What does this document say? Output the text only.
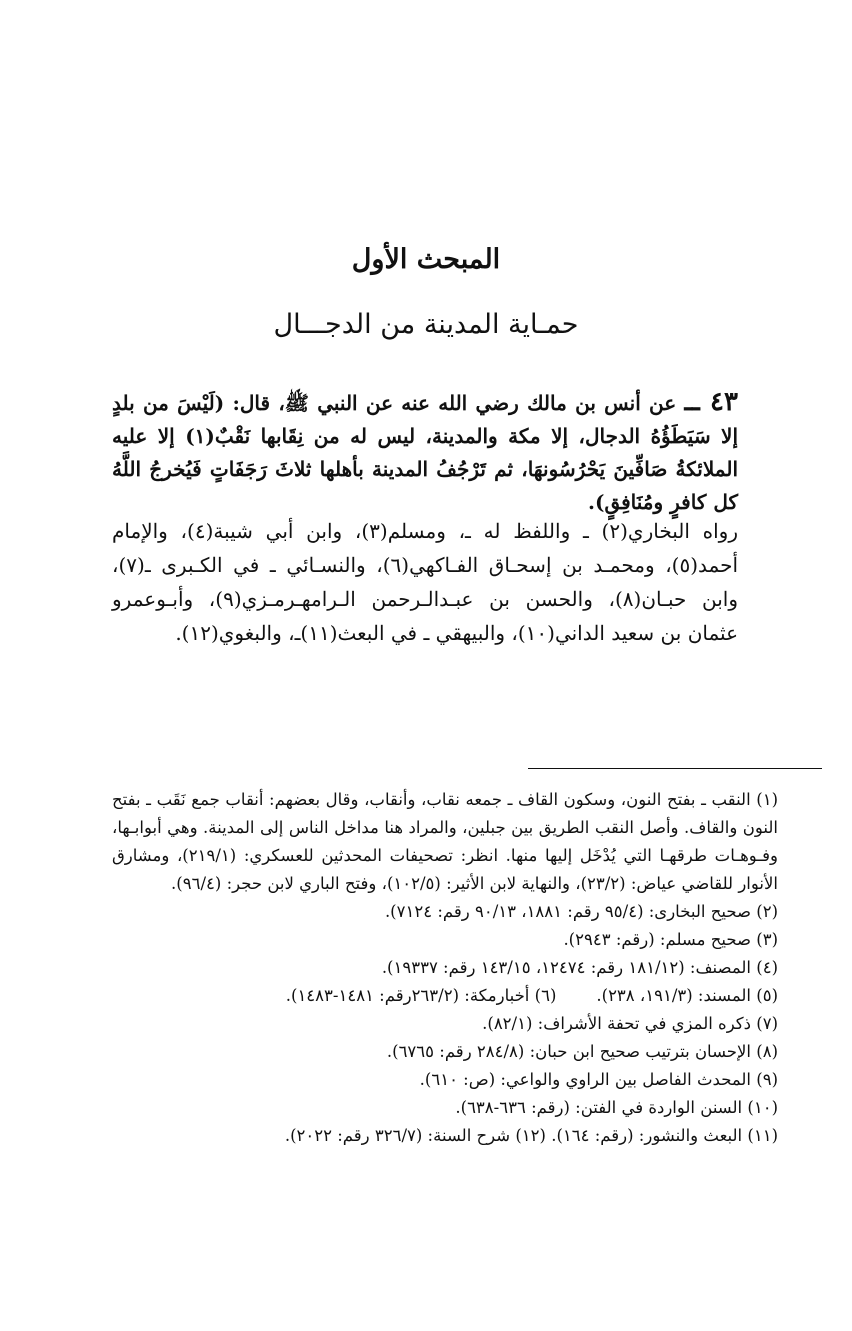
المبحث الأول
حمـاية المدينة من الدجـــال
٤٣ ــ عن أنس بن مالك رضي الله عنه عن النبي ﷺ، قال: (لَيْسَ من بلدٍ إلا سَيَطَؤُهُ الدجال، إلا مكة والمدينة، ليس له من نِقَابها نَقْبٌ(١) إلا عليه الملائكةُ صَافِّينَ يَحْرُسُونهَا، ثم تَرْجُفُ المدينة بأهلها ثلاثَ رَجَفَاتٍ فَيُخرجُ اللَّهُ كل كافرٍ ومُنَافِقٍ).
رواه البخاري(٢) ـ واللفظ له ـ، ومسلم(٣)، وابن أبي شيبة(٤)، والإمام أحمد(٥)، ومحمـد بن إسحـاق الفـاكهي(٦)، والنسـائي ـ في الكـبرى ـ(٧)، وابن حبـان(٨)، والحسن بن عبـدالـرحمن الـرامهـرمـزي(٩)، وأبـوعمرو عثمان بن سعيد الداني(١٠)، والبيهقي ـ في البعث(١١)ـ، والبغوي(١٢).

(١) النقب ـ بفتح النون، وسكون القاف ـ جمعه نقاب، وأنقاب، وقال بعضهم: أنقاب جمع نَقَب ـ بفتح النون والقاف. وأصل النقب الطريق بين جبلين، والمراد هنا مداخل الناس إلى المدينة. وهي أبوابـها، وفـوهـات طرقهـا التي يُدْخَل إليها منها. انظر: تصحيفات المحدثين للعسكري: (٢١٩/١)، ومشارق الأنوار للقاضي عياض: (٢٣/٢)، والنهاية لابن الأثير: (١٠٢/٥)، وفتح الباري لابن حجر: (٩٦/٤).

(٢) صحيح البخارى: (٩٥/٤ رقم: ١٨٨١، ٩٠/١٣ رقم: ٧١٢٤).

(٣) صحيح مسلم: (رقم: ٢٩٤٣).

(٤) المصنف: (١٨١/١٢ رقم: ١٢٤٧٤، ١٤٣/١٥ رقم: ١٩٣٣٧).

(٥) المسند: (١٩١/٣، ٢٣٨).
(٦) أخبارمكة: (٢٦٣/٢رقم: ١٤٨١-١٤٨٣).

(٧) ذكره المزي في تحفة الأشراف: (٨٢/١).

(٨) الإحسان بترتيب صحيح ابن حبان: (٢٨٤/٨ رقم: ٦٧٦٥).

(٩) المحدث الفاصل بين الراوي والواعي: (ص: ٦١٠).

(١٠) السنن الواردة في الفتن: (رقم: ٦٣٦-٦٣٨).

(١١) البعث والنشور: (رقم: ١٦٤). (١٢) شرح السنة: (٣٢٦/٧ رقم: ٢٠٢٢).
